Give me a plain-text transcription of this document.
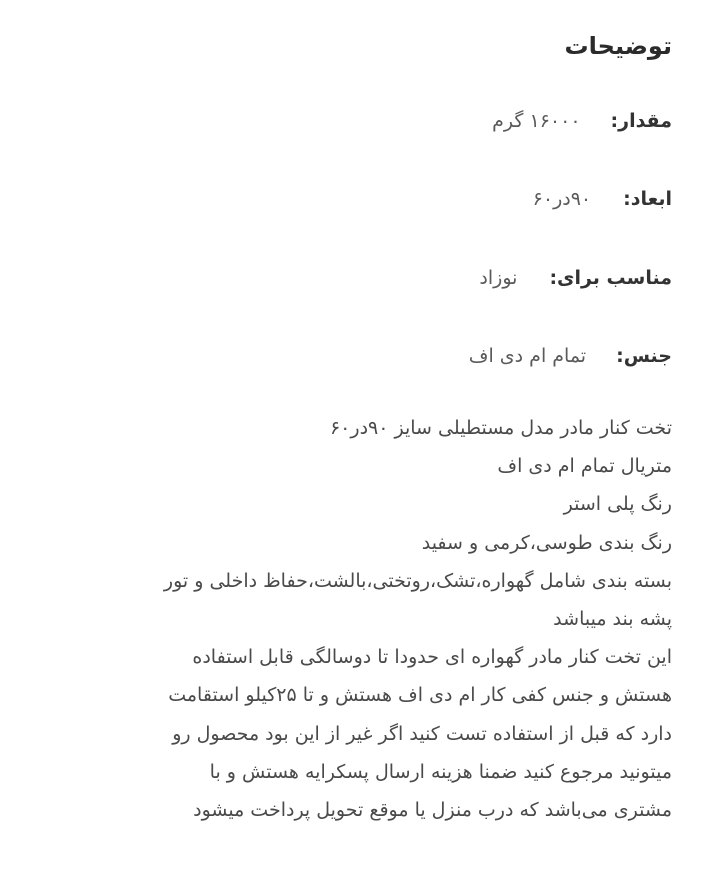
توضیحات
مقدار:
۱۶۰۰۰ گرم
ابعاد:
۹۰در۶۰
مناسب برای:
نوزاد
جنس:
تمام ام دی اف
تخت کنار مادر مدل مستطیلی سایز ۹۰در۶۰
متریال تمام ام دی اف
رنگ پلی استر
رنگ بندی طوسی،کرمی و سفید
بسته بندی شامل گهواره،تشک،روتختی،بالشت،حفاظ داخلی و تور
پشه بند میباشد
این تخت کنار مادر گهواره ای حدودا تا دوسالگی قابل استفاده
هستش و جنس کفی کار ام دی اف هستش و تا ۲۵کیلو استقامت
دارد که قبل از استفاده تست کنید اگر غیر از این بود محصول رو
میتونید مرجوع کنید ضمنا هزینه ارسال پسکرایه هستش و با
مشتری می‌باشد که درب منزل یا موقع تحویل پرداخت میشود
